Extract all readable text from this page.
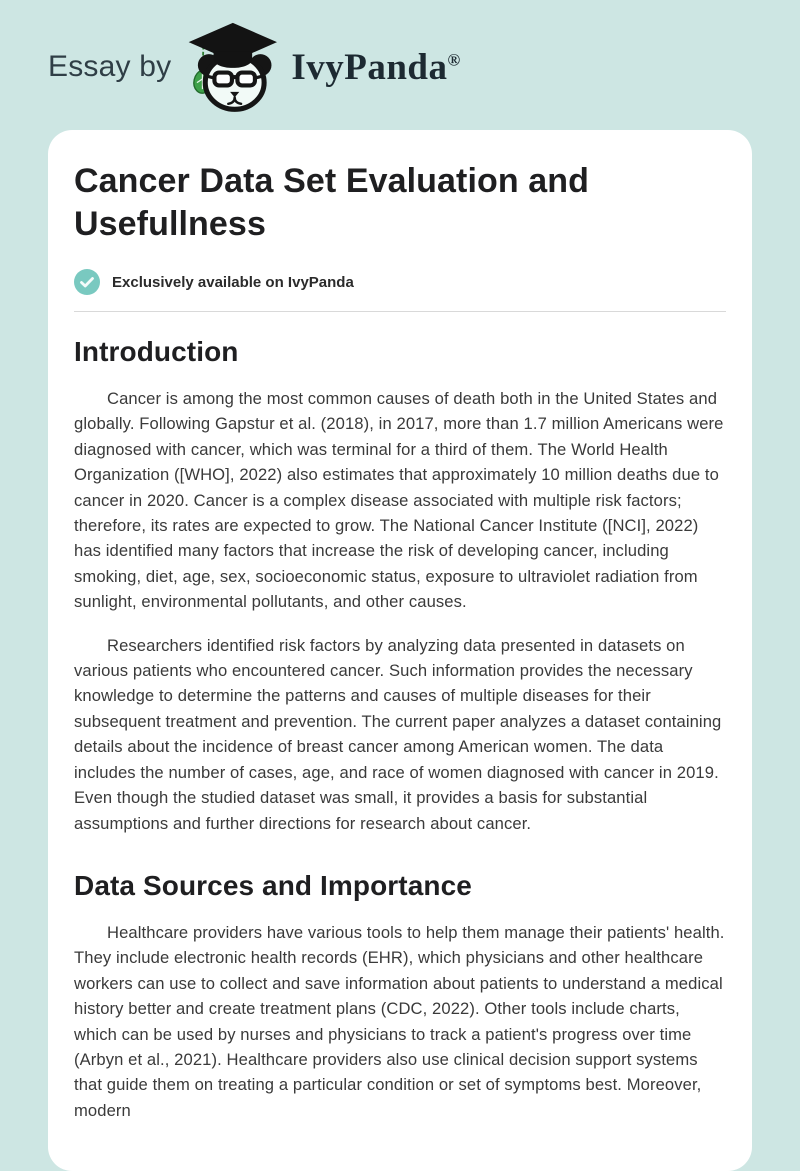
Essay by	IvyPanda®
Cancer Data Set Evaluation and Usefullness
Exclusively available on IvyPanda
Introduction

Cancer is among the most common causes of death both in the United States and globally. Following Gapstur et al. (2018), in 2017, more than 1.7 million Americans were diagnosed with cancer, which was terminal for a third of them. The World Health Organization ([WHO], 2022) also estimates that approximately 10 million deaths due to cancer in 2020. Cancer is a complex disease associated with multiple risk factors; therefore, its rates are expected to grow. The National Cancer Institute ([NCI], 2022) has identified many factors that increase the risk of developing cancer, including smoking, diet, age, sex, socioeconomic status, exposure to ultraviolet radiation from sunlight, environmental pollutants, and other causes.

Researchers identified risk factors by analyzing data presented in datasets on various patients who encountered cancer. Such information provides the necessary knowledge to determine the patterns and causes of multiple diseases for their subsequent treatment and prevention. The current paper analyzes a dataset containing details about the incidence of breast cancer among American women. The data includes the number of cases, age, and race of women diagnosed with cancer in 2019. Even though the studied dataset was small, it provides a basis for substantial assumptions and further directions for research about cancer.

Data Sources and Importance

Healthcare providers have various tools to help them manage their patients' health. They include electronic health records (EHR), which physicians and other healthcare workers can use to collect and save information about patients to understand a medical history better and create treatment plans (CDC, 2022). Other tools include charts, which can be used by nurses and physicians to track a patient's progress over time (Arbyn et al., 2021). Healthcare providers also use clinical decision support systems that guide them on treating a particular condition or set of symptoms best. Moreover, modern
